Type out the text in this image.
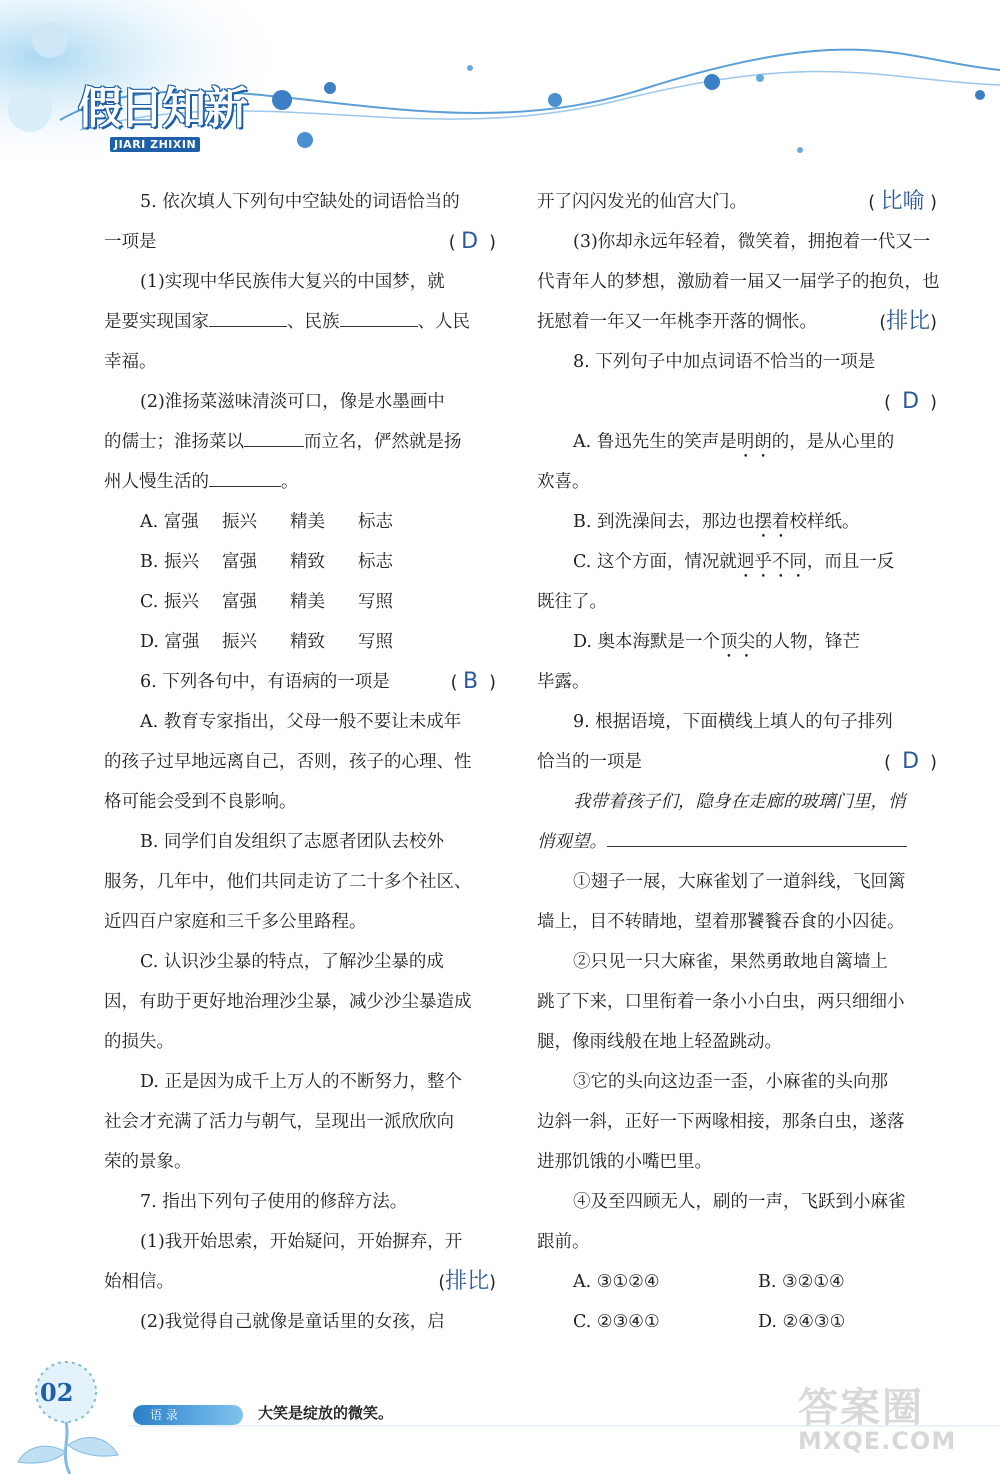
假日知新
JIARI ZHIXIN
5. 依次填人下列句中空缺处的词语恰当的
一项是	( D  )
(1)实现中华民族伟大复兴的中国梦，就
是要实现国家	、民族	、人民
幸福。
(2)淮扬菜滋味清淡可口，像是水墨画中
的儒士；淮扬菜以	而立名，俨然就是扬
州人慢生活的	。
A. 富强	振兴	精美	标志
B. 振兴	富强	精致	标志
C. 振兴	富强	精美	写照
D. 富强	振兴	精致	写照
6. 下列各句中，有语病的一项是	( B  )
A. 教育专家指出，父母一般不要让未成年
的孩子过早地远离自己，否则，孩子的心理、性
格可能会受到不良影响。
B. 同学们自发组织了志愿者团队去校外
服务，几年中，他们共同走访了二十多个社区、
近四百户家庭和三千多公里路程。
C. 认识沙尘暴的特点，了解沙尘暴的成
因，有助于更好地治理沙尘暴，减少沙尘暴造成
的损失。
D. 正是因为成千上万人的不断努力，整个
社会才充满了活力与朝气，呈现出一派欣欣向
荣的景象。
7. 指出下列句子使用的修辞方法。
(1)我开始思索，开始疑问，开始摒弃，开
始相信。	(排比)
(2)我觉得自己就像是童话里的女孩，启
开了闪闪发光的仙宫大门。	( 比喻 )
(3)你却永远年轻着，微笑着，拥抱着一代又一
代青年人的梦想，激励着一届又一届学子的抱负，也
抚慰着一年又一年桃李开落的惆怅。	(排比)
8. 下列句子中加点词语不恰当的一项是
(  D  )
A. 鲁迅先生的笑声是明朗的，是从心里的
欢喜。
B. 到洗澡间去，那边也摆着校样纸。
C. 这个方面，情况就迥乎不同，而且一反
既往了。
D. 奥本海默是一个顶尖的人物，锋芒
毕露。
9. 根据语境，下面横线上填人的句子排列
恰当的一项是	(  D  )
我带着孩子们，隐身在走廊的玻璃门里，悄
悄观望。
①翅子一展，大麻雀划了一道斜线，飞回篱
墙上，目不转睛地，望着那饕餮吞食的小囚徒。
②只见一只大麻雀，果然勇敢地自篱墙上
跳了下来，口里衔着一条小小白虫，两只细细小
腿，像雨线般在地上轻盈跳动。
③它的头向这边歪一歪，小麻雀的头向那
边斜一斜，正好一下两喙相接，那条白虫，遂落
进那饥饿的小嘴巴里。
④及至四顾无人，刷的一声，飞跃到小麻雀
跟前。
A. ③①②④	B. ③②①④
C. ②③④①	D. ②④③①
02
语 录	大笑是绽放的微笑。	答案圈
MXQE.COM
